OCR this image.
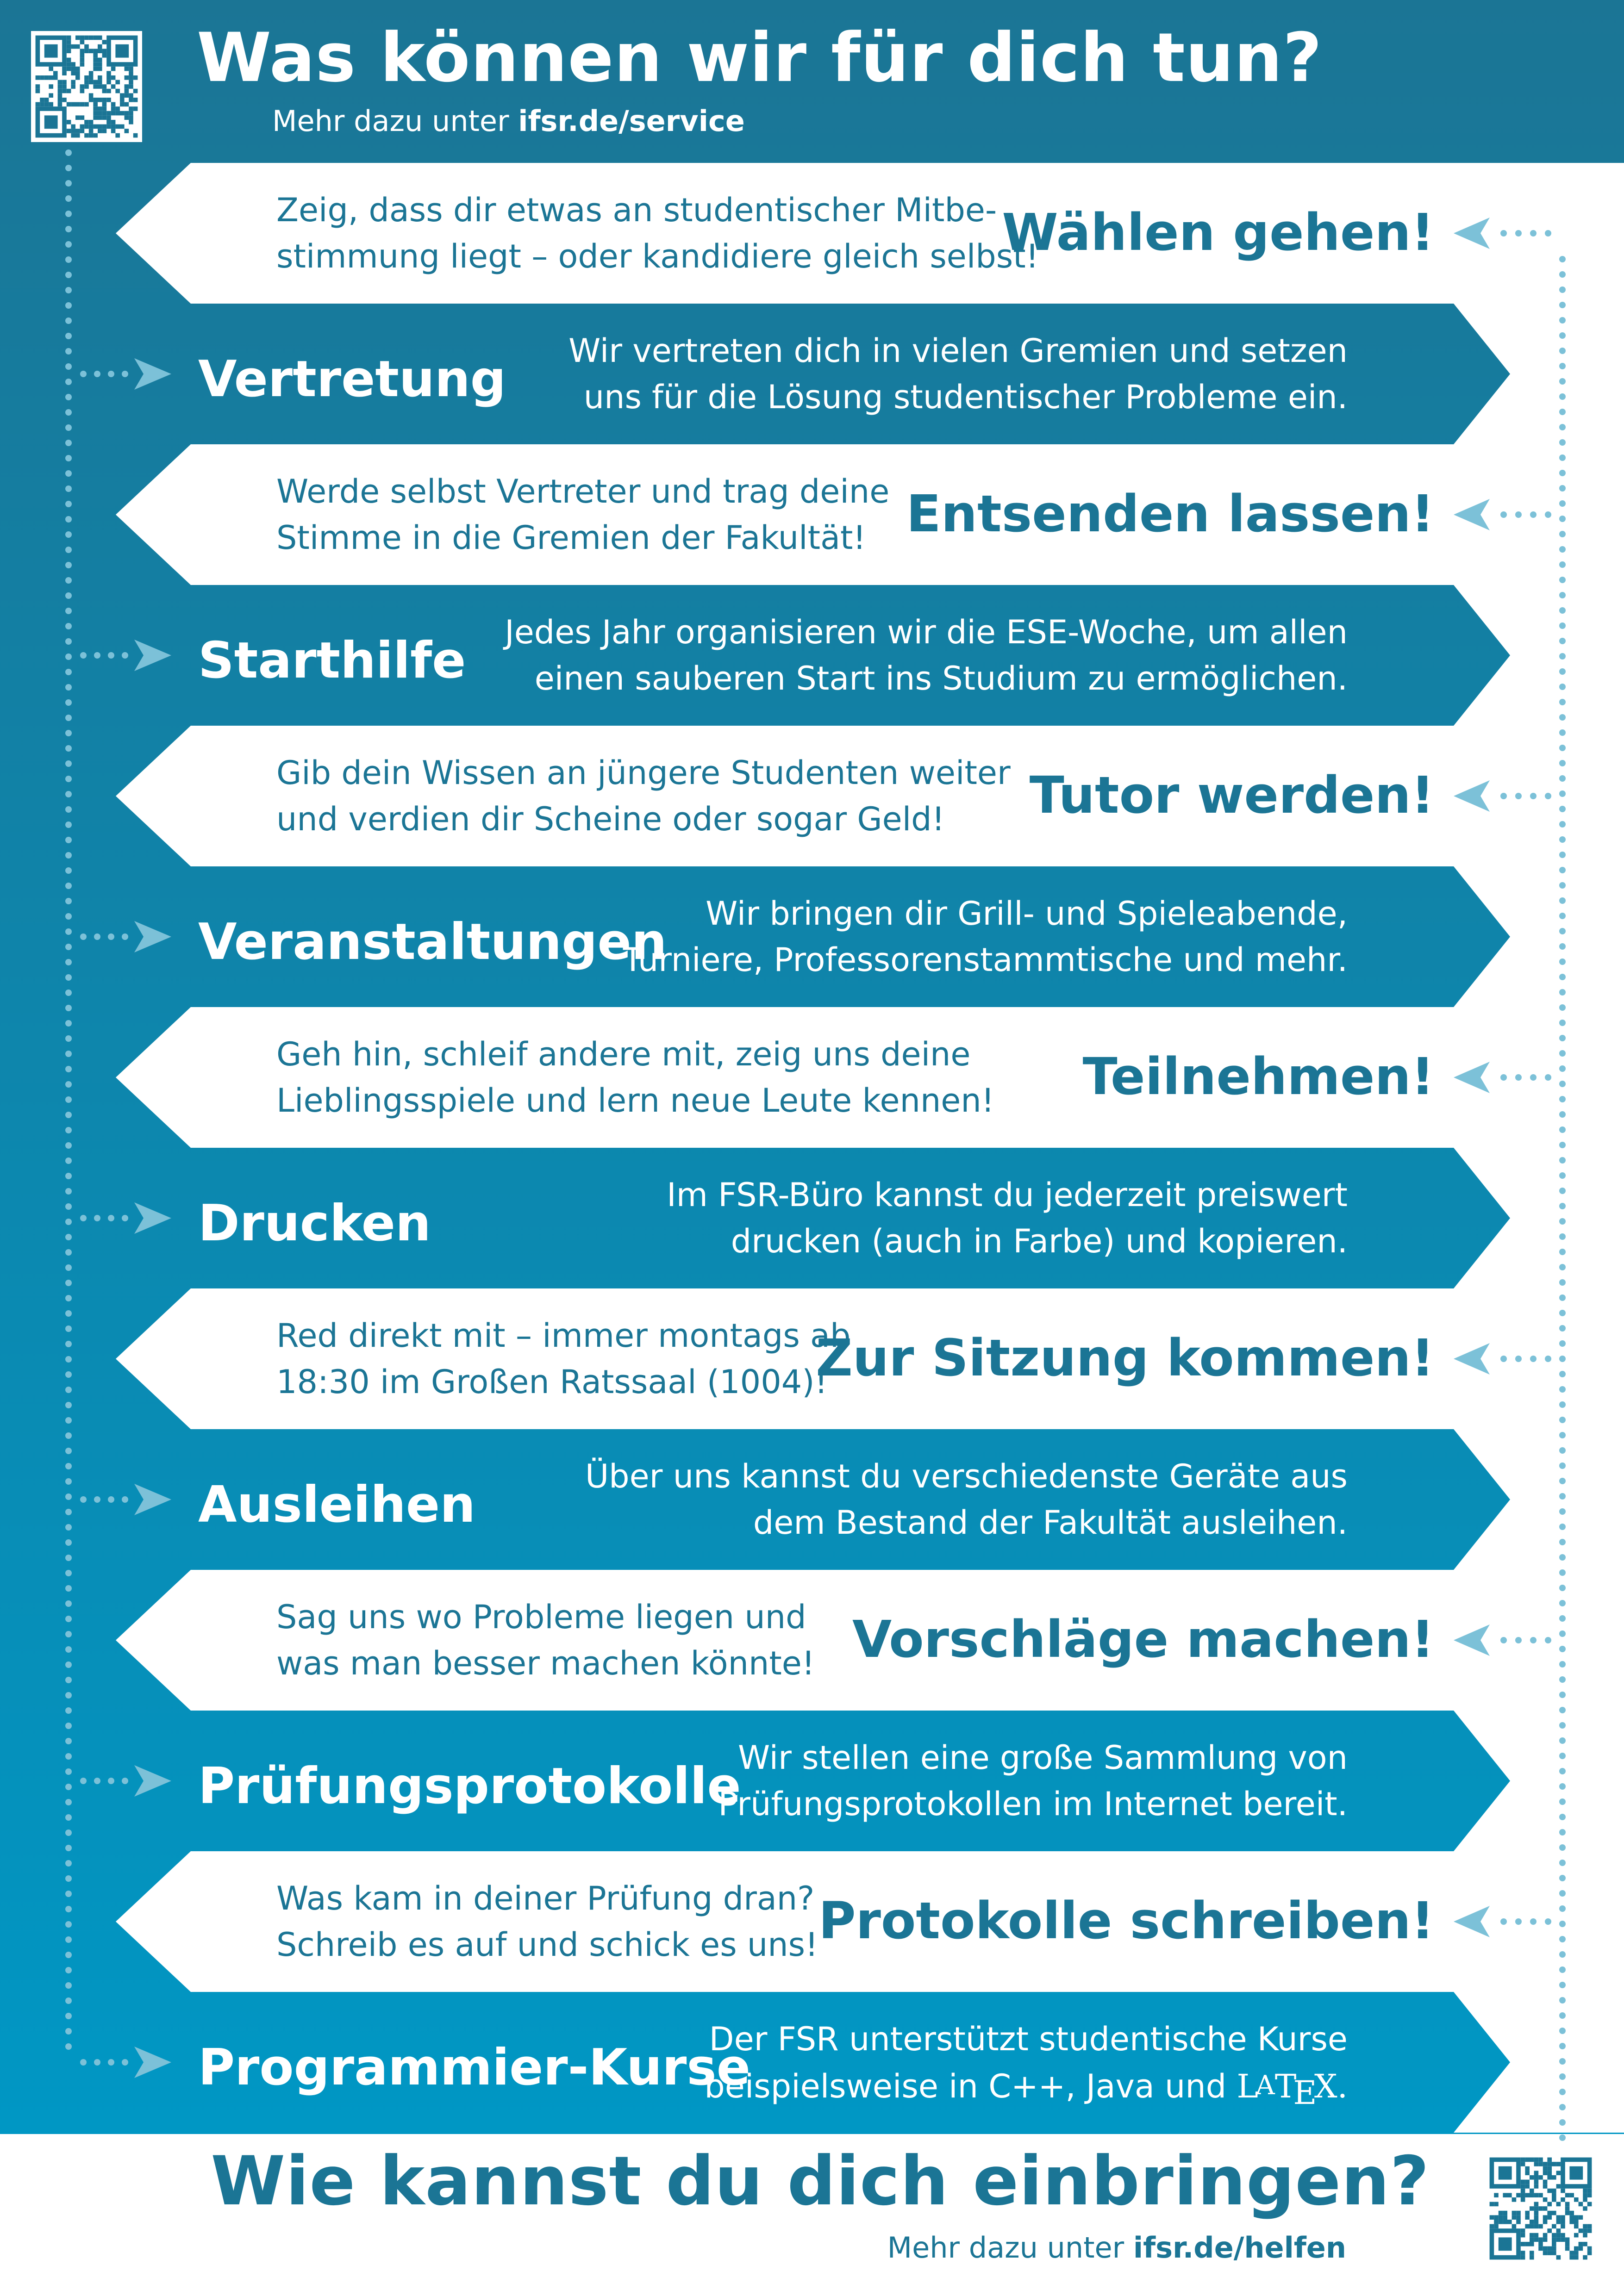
Was können wir für dich tun?
Mehr dazu unter ifsr.de/service
Wählen gehen!
Zeig, dass dir etwas an studentischer Mitbe-
stimmung liegt – oder kandidiere gleich selbst!
Vertretung Wir vertreten dich in vielen Gremien und setzen
uns für die Lösung studentischer Probleme ein.
Entsenden lassen!
Werde selbst Vertreter und trag deine
Stimme in die Gremien der Fakultät!
Starthilfe Jedes Jahr organisieren wir die ESE-Woche, um allen
einen sauberen Start ins Studium zu ermöglichen.
Tutor werden!
Gib dein Wissen an jüngere Studenten weiter
und verdien dir Scheine oder sogar Geld!
Veranstaltungen	Wir bringen dir Grill- und Spieleabende,
Turniere, Professorenstammtische und mehr.
Teilnehmen!
Geh hin, schleif andere mit, zeig uns deine
Lieblingsspiele und lern neue Leute kennen!
Drucken	Im FSR-Büro kannst du jederzeit preiswert
drucken (auch in Farbe) und kopieren.
Zur Sitzung kommen!
Red direkt mit – immer montags ab
18:30 im Großen Ratssaal (1004)!
Ausleihen	Über uns kannst du verschiedenste Geräte aus
dem Bestand der Fakultät ausleihen.
Vorschläge machen!
Sag uns wo Probleme liegen und
was man besser machen könnte!
Prüfungsprotokolle
Wir stellen eine große Sammlung von
Prüfungsprotokollen im Internet bereit.
Protokolle schreiben!
Was kam in deiner Prüfung dran?
Schreib es auf und schick es uns!
Programmier-Kurse
Der FSR unterstützt studentische Kurse
beispielsweise in C++, Java und LATEX.
Wie kannst du dich einbringen?
Mehr dazu unter ifsr.de/helfen
